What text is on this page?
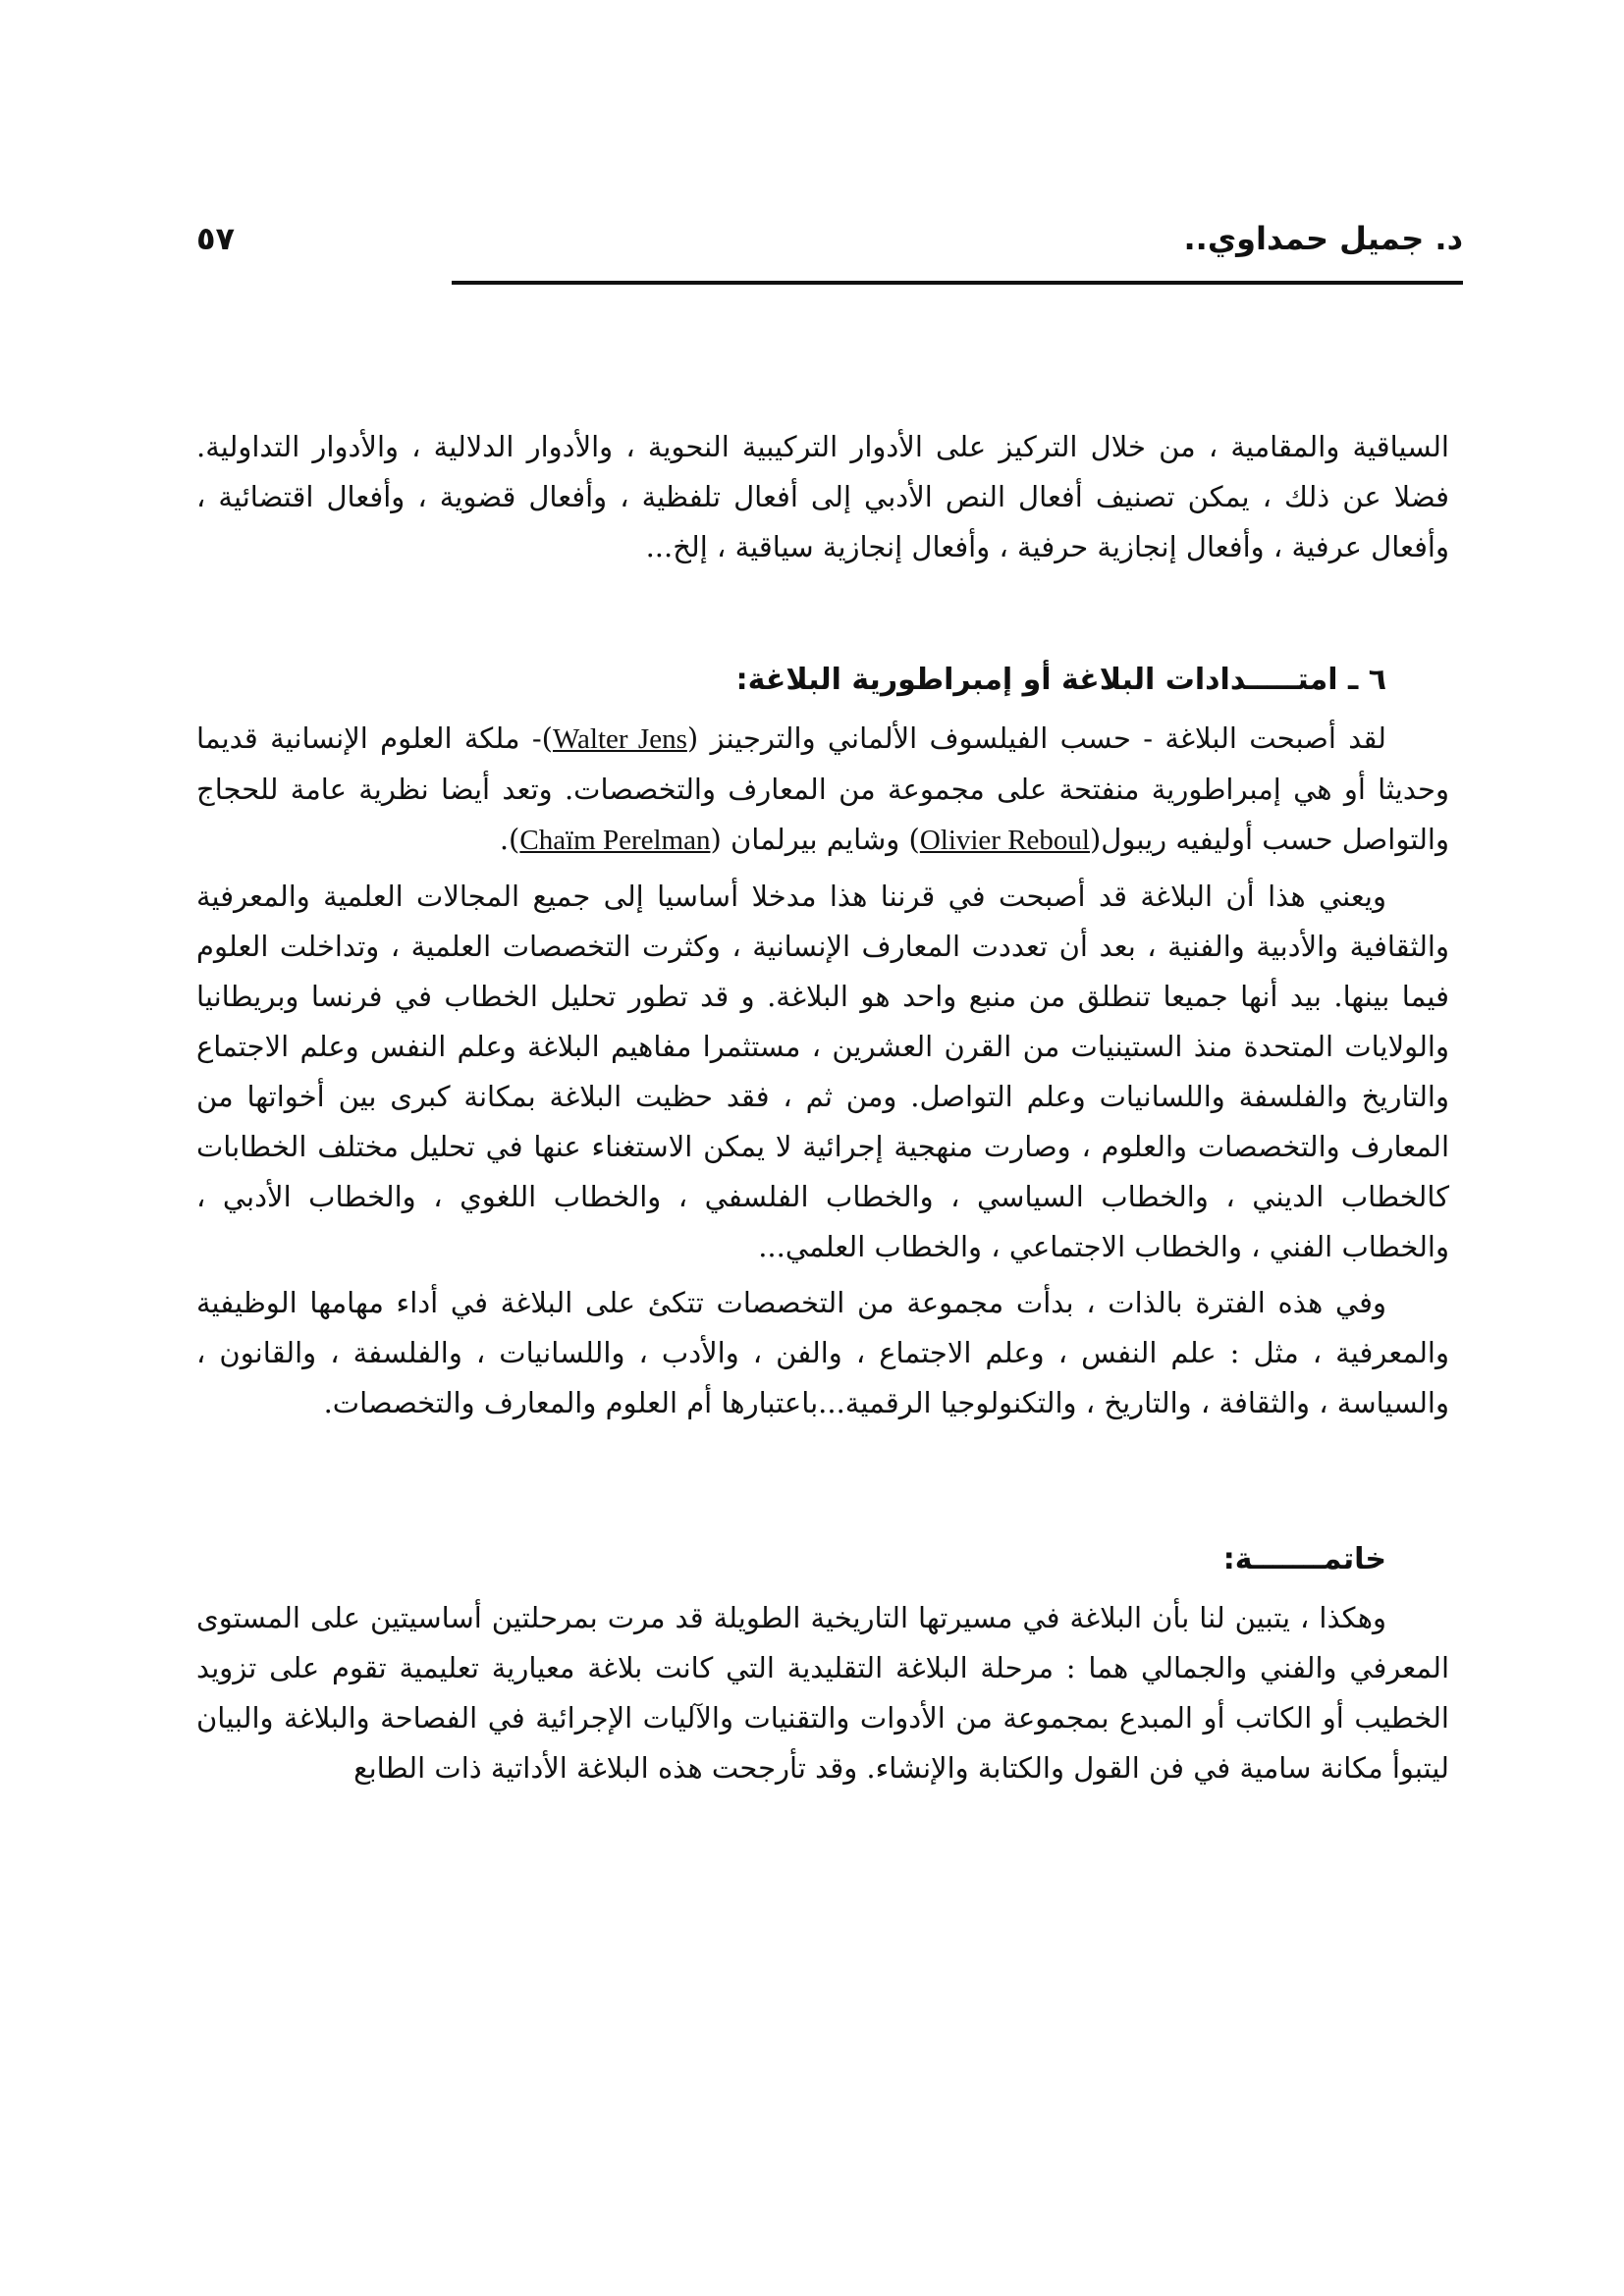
د. جميل حمداوي..
٥٧

السياقية والمقامية ، من خلال التركيز على الأدوار التركيبية النحوية ، والأدوار الدلالية ، والأدوار التداولية. فضلا عن ذلك ، يمكن تصنيف أفعال النص الأدبي إلى أفعال تلفظية ، وأفعال قضوية ، وأفعال اقتضائية ، وأفعال عرفية ، وأفعال إنجازية حرفية ، وأفعال إنجازية سياقية ، إلخ...

٦ ـ امتـــــدادات البلاغة أو إمبراطورية البلاغة:

لقد أصبحت البلاغة - حسب الفيلسوف الألماني والترجينز (Walter Jens)- ملكة العلوم الإنسانية قديما وحديثا أو هي إمبراطورية منفتحة على مجموعة من المعارف والتخصصات. وتعد أيضا نظرية عامة للحجاج والتواصل حسب أوليفيه ريبول(Olivier Reboul) وشايم بيرلمان (Chaïm Perelman).

ويعني هذا أن البلاغة قد أصبحت في قرننا هذا مدخلا أساسيا إلى جميع المجالات العلمية والمعرفية والثقافية والأدبية والفنية ، بعد أن تعددت المعارف الإنسانية ، وكثرت التخصصات العلمية ، وتداخلت العلوم فيما بينها. بيد أنها جميعا تنطلق من منبع واحد هو البلاغة. و قد تطور تحليل الخطاب في فرنسا وبريطانيا والولايات المتحدة منذ الستينيات من القرن العشرين ، مستثمرا مفاهيم البلاغة وعلم النفس وعلم الاجتماع والتاريخ والفلسفة واللسانيات وعلم التواصل. ومن ثم ، فقد حظيت البلاغة بمكانة كبرى بين أخواتها من المعارف والتخصصات والعلوم ، وصارت منهجية إجرائية لا يمكن الاستغناء عنها في تحليل مختلف الخطابات كالخطاب الديني ، والخطاب السياسي ، والخطاب الفلسفي ، والخطاب اللغوي ، والخطاب الأدبي ، والخطاب الفني ، والخطاب الاجتماعي ، والخطاب العلمي...

وفي هذه الفترة بالذات ، بدأت مجموعة من التخصصات تتكئ على البلاغة في أداء مهامها الوظيفية والمعرفية ، مثل : علم النفس ، وعلم الاجتماع ، والفن ، والأدب ، واللسانيات ، والفلسفة ، والقانون ، والسياسة ، والثقافة ، والتاريخ ، والتكنولوجيا الرقمية...باعتبارها أم العلوم والمعارف والتخصصات.

خاتمـــــــة:

وهكذا ، يتبين لنا بأن البلاغة في مسيرتها التاريخية الطويلة قد مرت بمرحلتين أساسيتين على المستوى المعرفي والفني والجمالي هما : مرحلة البلاغة التقليدية التي كانت بلاغة معيارية تعليمية تقوم على تزويد الخطيب أو الكاتب أو المبدع بمجموعة من الأدوات والتقنيات والآليات الإجرائية في الفصاحة والبلاغة والبيان ليتبوأ مكانة سامية في فن القول والكتابة والإنشاء. وقد تأرجحت هذه البلاغة الأداتية ذات الطابع
